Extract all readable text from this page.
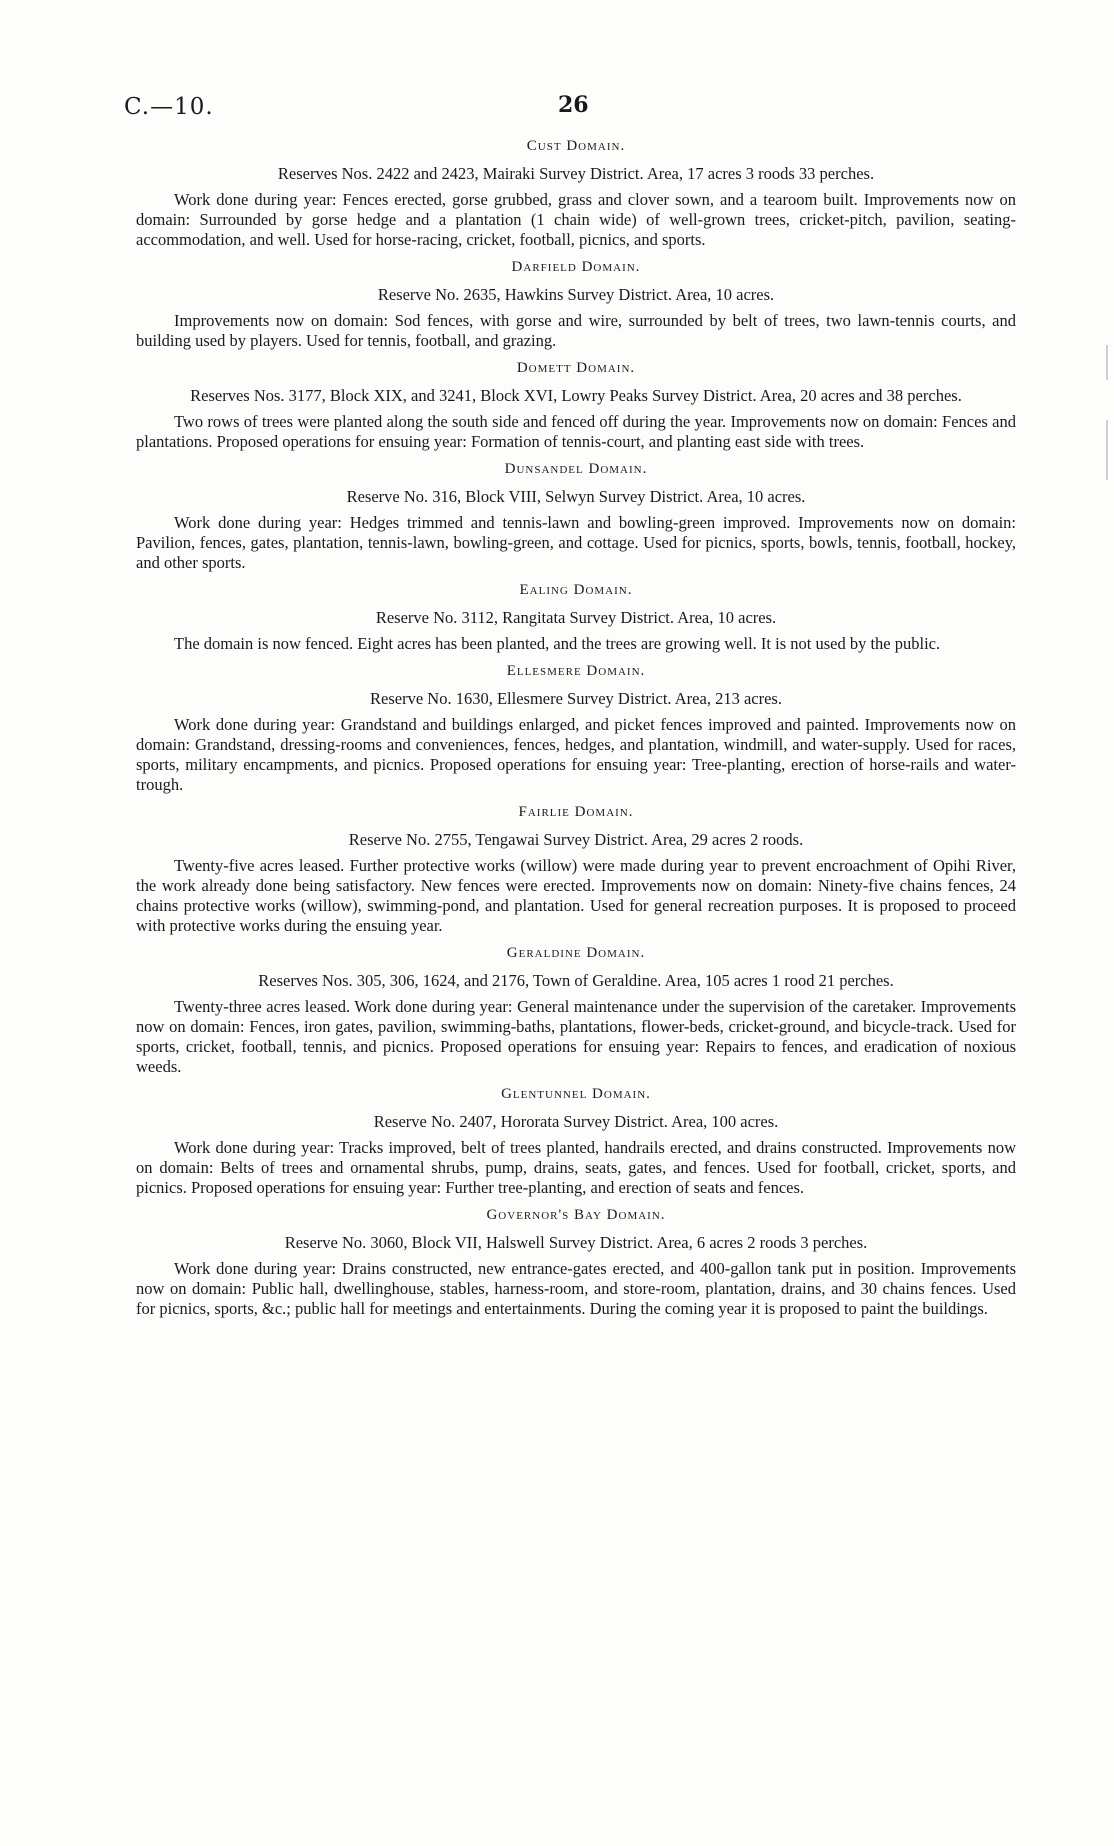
C.—10.	26
Cust Domain.

Reserves Nos. 2422 and 2423, Mairaki Survey District. Area, 17 acres 3 roods 33 perches.

Work done during year: Fences erected, gorse grubbed, grass and clover sown, and a tearoom built. Improvements now on domain: Surrounded by gorse hedge and a plantation (1 chain wide) of well-grown trees, cricket-pitch, pavilion, seating-accommodation, and well. Used for horse-racing, cricket, football, picnics, and sports.

Darfield Domain.

Reserve No. 2635, Hawkins Survey District. Area, 10 acres.

Improvements now on domain: Sod fences, with gorse and wire, surrounded by belt of trees, two lawn-tennis courts, and building used by players. Used for tennis, football, and grazing.

Domett Domain.

Reserves Nos. 3177, Block XIX, and 3241, Block XVI, Lowry Peaks Survey District. Area, 20 acres and 38 perches.

Two rows of trees were planted along the south side and fenced off during the year. Improvements now on domain: Fences and plantations. Proposed operations for ensuing year: Formation of tennis-court, and planting east side with trees.

Dunsandel Domain.

Reserve No. 316, Block VIII, Selwyn Survey District. Area, 10 acres.

Work done during year: Hedges trimmed and tennis-lawn and bowling-green improved. Improvements now on domain: Pavilion, fences, gates, plantation, tennis-lawn, bowling-green, and cottage. Used for picnics, sports, bowls, tennis, football, hockey, and other sports.

Ealing Domain.

Reserve No. 3112, Rangitata Survey District. Area, 10 acres.

The domain is now fenced. Eight acres has been planted, and the trees are growing well. It is not used by the public.

Ellesmere Domain.

Reserve No. 1630, Ellesmere Survey District. Area, 213 acres.

Work done during year: Grandstand and buildings enlarged, and picket fences improved and painted. Improvements now on domain: Grandstand, dressing-rooms and conveniences, fences, hedges, and plantation, windmill, and water-supply. Used for races, sports, military encampments, and picnics. Proposed operations for ensuing year: Tree-planting, erection of horse-rails and water-trough.

Fairlie Domain.

Reserve No. 2755, Tengawai Survey District. Area, 29 acres 2 roods.

Twenty-five acres leased. Further protective works (willow) were made during year to prevent encroachment of Opihi River, the work already done being satisfactory. New fences were erected. Improvements now on domain: Ninety-five chains fences, 24 chains protective works (willow), swimming-pond, and plantation. Used for general recreation purposes. It is proposed to proceed with protective works during the ensuing year.

Geraldine Domain.

Reserves Nos. 305, 306, 1624, and 2176, Town of Geraldine. Area, 105 acres 1 rood 21 perches.

Twenty-three acres leased. Work done during year: General maintenance under the supervision of the caretaker. Improvements now on domain: Fences, iron gates, pavilion, swimming-baths, plantations, flower-beds, cricket-ground, and bicycle-track. Used for sports, cricket, football, tennis, and picnics. Proposed operations for ensuing year: Repairs to fences, and eradication of noxious weeds.

Glentunnel Domain.

Reserve No. 2407, Hororata Survey District. Area, 100 acres.

Work done during year: Tracks improved, belt of trees planted, handrails erected, and drains constructed. Improvements now on domain: Belts of trees and ornamental shrubs, pump, drains, seats, gates, and fences. Used for football, cricket, sports, and picnics. Proposed operations for ensuing year: Further tree-planting, and erection of seats and fences.

Governor's Bay Domain.

Reserve No. 3060, Block VII, Halswell Survey District. Area, 6 acres 2 roods 3 perches.

Work done during year: Drains constructed, new entrance-gates erected, and 400-gallon tank put in position. Improvements now on domain: Public hall, dwellinghouse, stables, harness-room, and store-room, plantation, drains, and 30 chains fences. Used for picnics, sports, &c.; public hall for meetings and entertainments. During the coming year it is proposed to paint the buildings.
